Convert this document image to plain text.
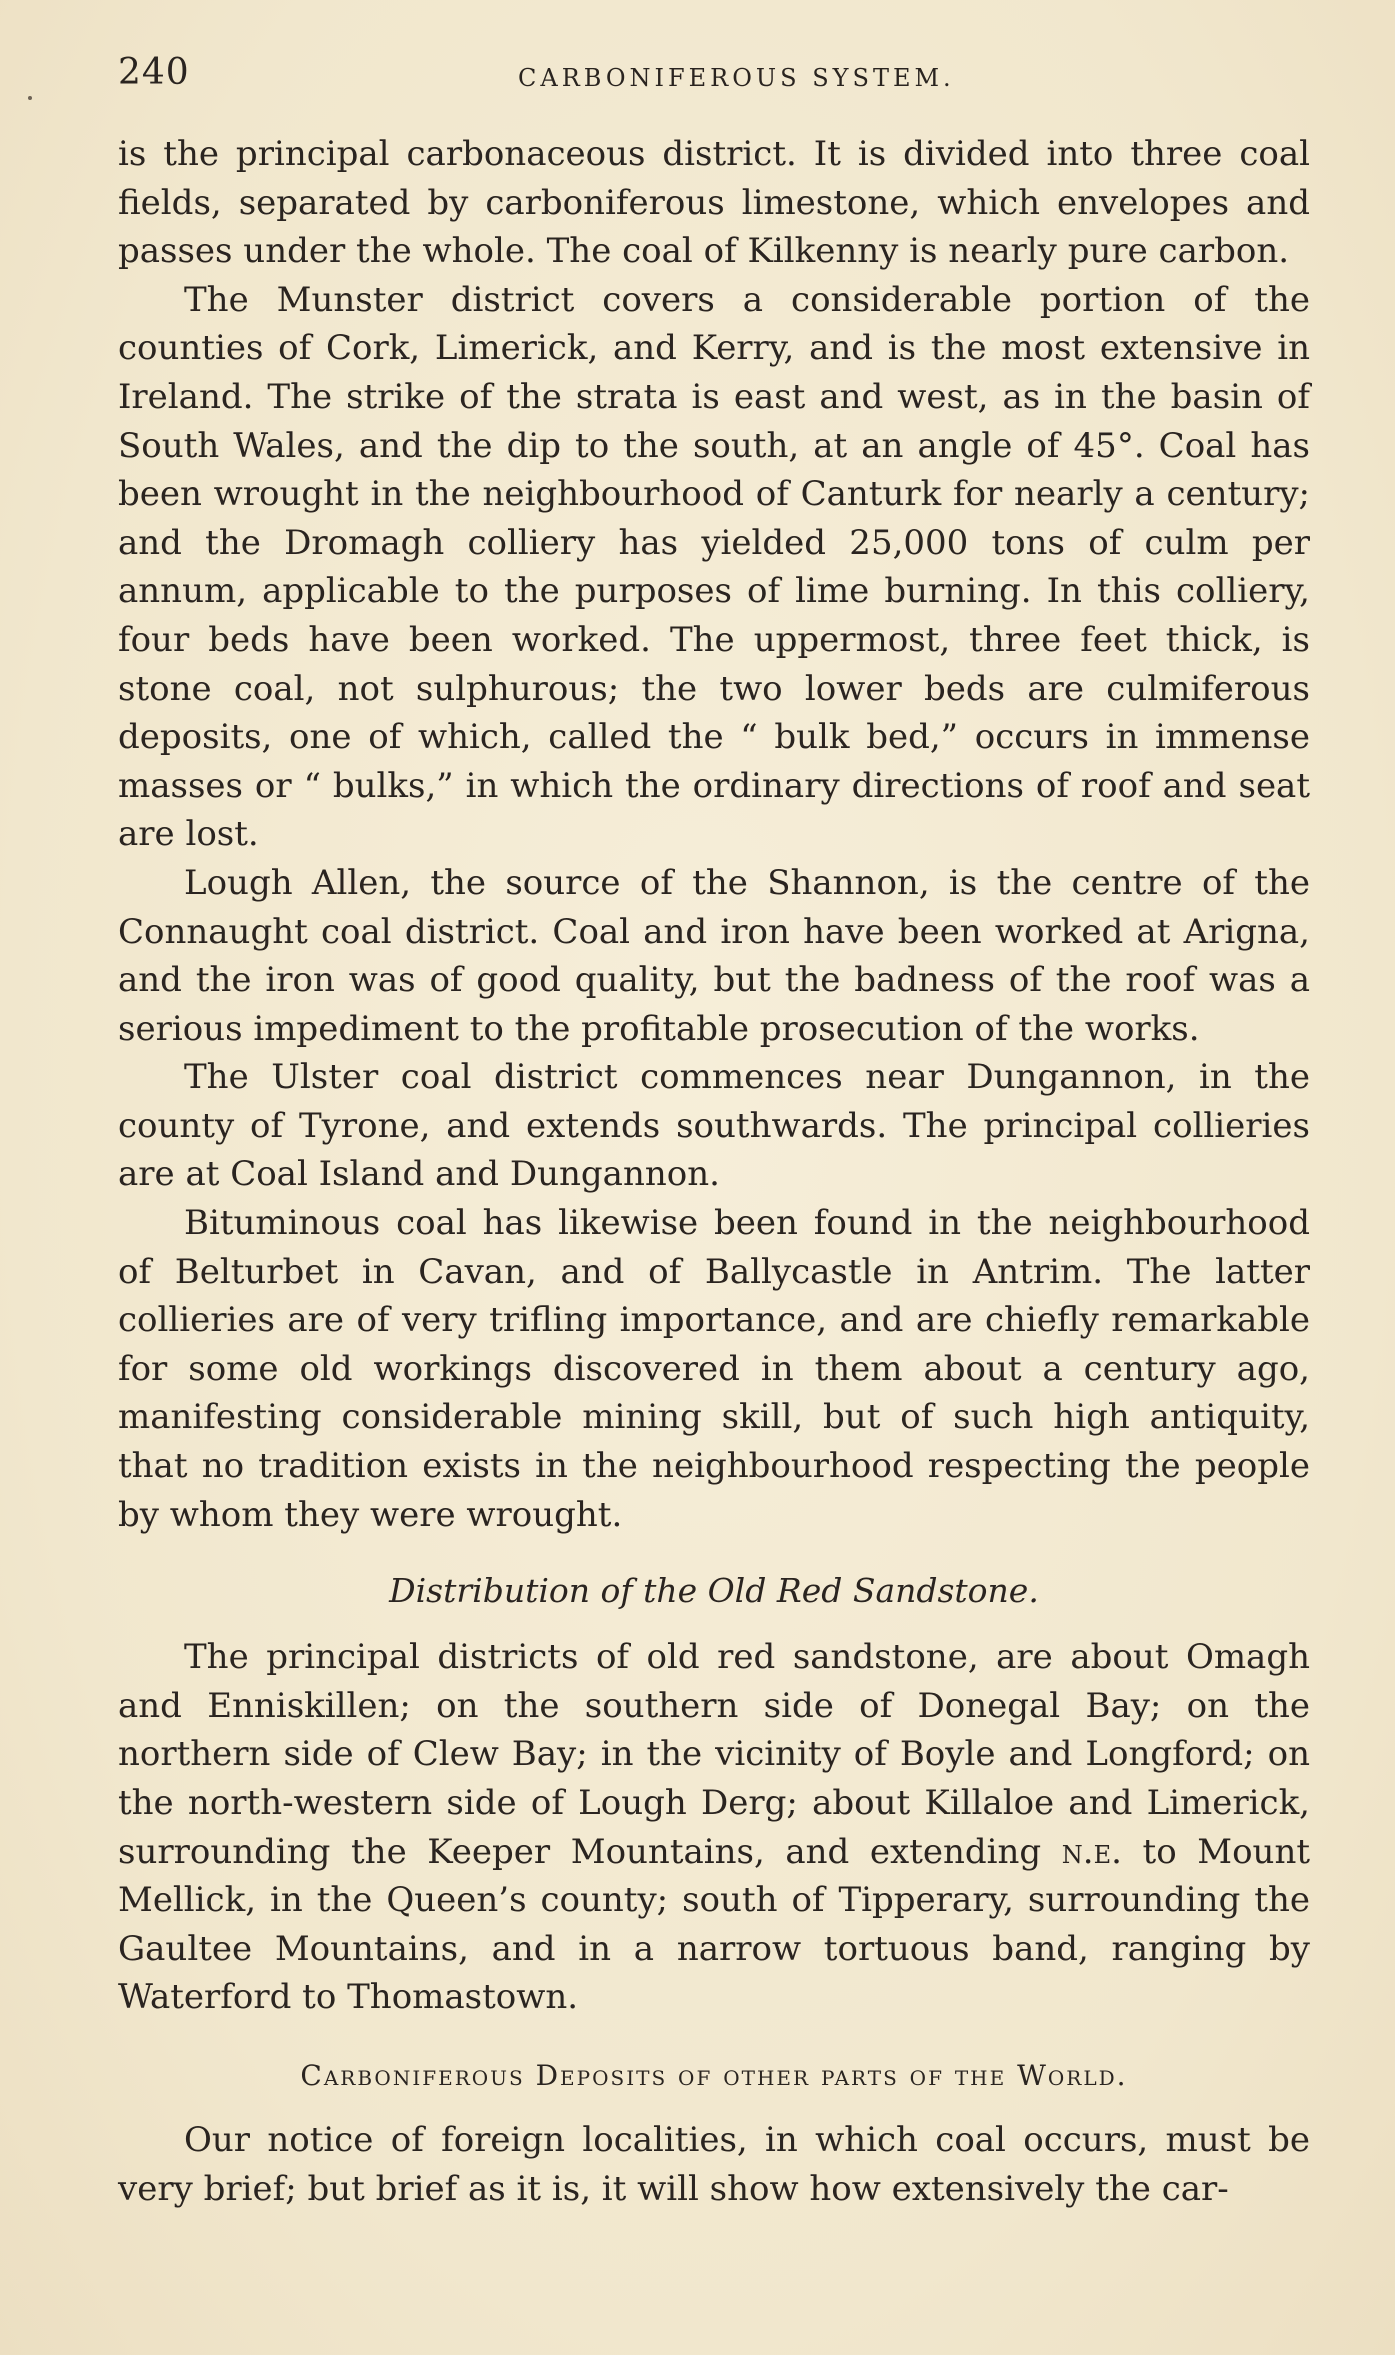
240	CARBONIFEROUS SYSTEM.

is the principal carbonaceous district. It is divided into three coal fields, separated by carboniferous limestone, which envelopes and passes under the whole. The coal of Kilkenny is nearly pure carbon.

The Munster district covers a considerable portion of the counties of Cork, Limerick, and Kerry, and is the most extensive in Ireland. The strike of the strata is east and west, as in the basin of South Wales, and the dip to the south, at an angle of 45°. Coal has been wrought in the neighbourhood of Canturk for nearly a century; and the Dromagh colliery has yielded 25,000 tons of culm per annum, applicable to the purposes of lime burning. In this colliery, four beds have been worked. The uppermost, three feet thick, is stone coal, not sulphurous; the two lower beds are culmiferous deposits, one of which, called the “ bulk bed,” occurs in immense masses or “ bulks,” in which the ordinary directions of roof and seat are lost.

Lough Allen, the source of the Shannon, is the centre of the Connaught coal district. Coal and iron have been worked at Arigna, and the iron was of good quality, but the badness of the roof was a serious impediment to the profitable prosecution of the works.

The Ulster coal district commences near Dungannon, in the county of Tyrone, and extends southwards. The principal collieries are at Coal Island and Dungannon.

Bituminous coal has likewise been found in the neighbourhood of Belturbet in Cavan, and of Ballycastle in Antrim. The latter collieries are of very trifling importance, and are chiefly remarkable for some old workings discovered in them about a century ago, manifesting considerable mining skill, but of such high antiquity, that no tradition exists in the neighbourhood respecting the people by whom they were wrought.

Distribution of the Old Red Sandstone.

The principal districts of old red sandstone, are about Omagh and Enniskillen; on the southern side of Donegal Bay; on the northern side of Clew Bay; in the vicinity of Boyle and Longford; on the north-western side of Lough Derg; about Killaloe and Limerick, surrounding the Keeper Mountains, and extending n.e. to Mount Mellick, in the Queen’s county; south of Tipperary, surrounding the Gaultee Mountains, and in a narrow tortuous band, ranging by Waterford to Thomastown.

Carboniferous Deposits of other parts of the World.

Our notice of foreign localities, in which coal occurs, must be very brief; but brief as it is, it will show how extensively the car-
